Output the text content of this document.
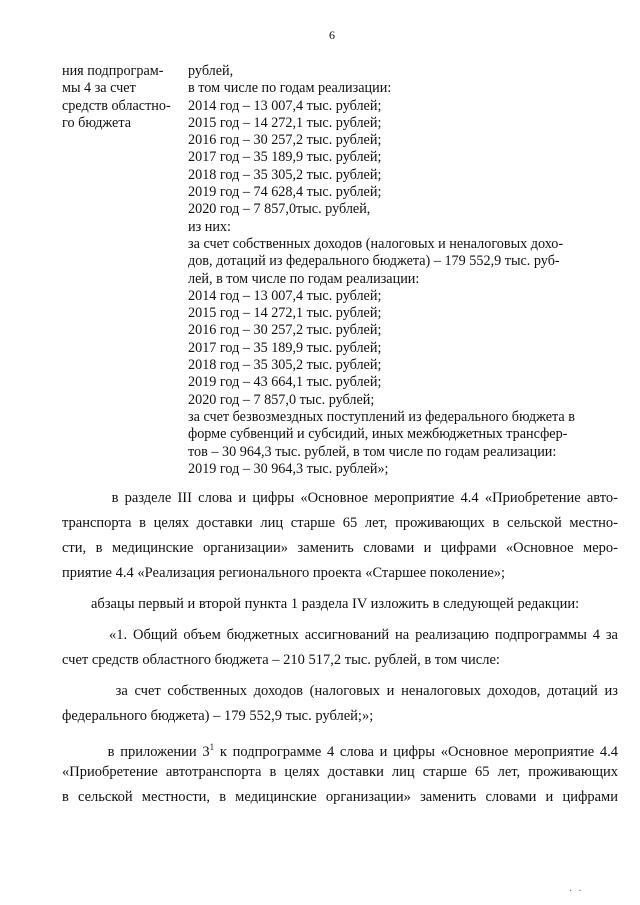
6
ния подпрограм-
мы 4 за счет
средств областно-
го бюджета
рублей,
в том числе по годам реализации:
2014 год – 13 007,4 тыс. рублей;
2015 год – 14 272,1 тыс. рублей;
2016 год – 30 257,2 тыс. рублей;
2017 год – 35 189,9 тыс. рублей;
2018 год – 35 305,2 тыс. рублей;
2019 год – 74 628,4 тыс. рублей;
2020 год – 7 857,0тыс. рублей,
из них:
за счет собственных доходов (налоговых и неналоговых дохо-
дов, дотаций из федерального бюджета) – 179 552,9 тыс. руб-
лей, в том числе по годам реализации:
2014 год – 13 007,4 тыс. рублей;
2015 год – 14 272,1 тыс. рублей;
2016 год – 30 257,2 тыс. рублей;
2017 год – 35 189,9 тыс. рублей;
2018 год – 35 305,2 тыс. рублей;
2019 год – 43 664,1 тыс. рублей;
2020 год – 7 857,0 тыс. рублей;
за счет безвозмездных поступлений из федерального бюджета в
форме субвенций и субсидий, иных межбюджетных трансфер-
тов – 30 964,3 тыс. рублей, в том числе по годам реализации:
2019 год – 30 964,3 тыс. рублей»;
в разделе III слова и цифры «Основное мероприятие 4.4 «Приобретение авто-
транспорта в целях доставки лиц старше 65 лет, проживающих в сельской местно-
сти, в медицинские организации» заменить словами и цифрами «Основное меро-
приятие 4.4 «Реализация регионального проекта «Старшее поколение»;
абзацы первый и второй пункта 1 раздела IV изложить в следующей редакции:
«1. Общий объем бюджетных ассигнований на реализацию подпрограммы 4 за
счет средств областного бюджета – 210 517,2 тыс. рублей, в том числе:
за счет собственных доходов (налоговых и неналоговых доходов, дотаций из
федерального бюджета) – 179 552,9 тыс. рублей;»;
в приложении $3^1$ к подпрограмме 4 слова и цифры «Основное мероприятие 4.4
«Приобретение автотранспорта в целях доставки лиц старше 65 лет, проживающих
в сельской местности, в медицинские организации» заменить словами и цифрами
··
